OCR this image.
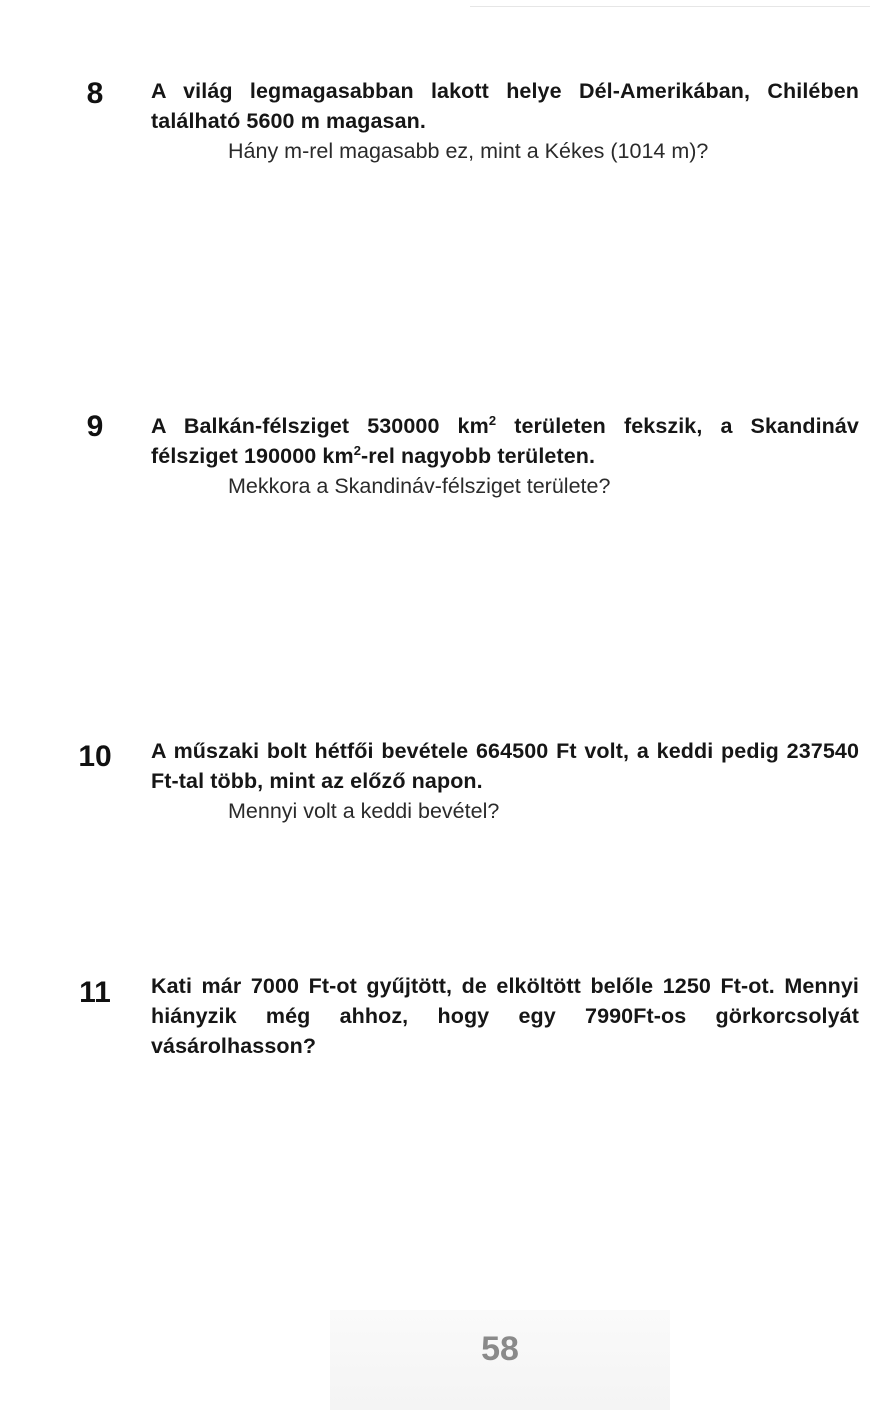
8	A világ legmagasabban lakott helye Dél-Amerikában, Chilében található 5600 m magasan.
Hány m-rel magasabb ez, mint a Kékes (1014 m)?
9	A Balkán-félsziget 530000 $km^2$ területen fekszik, a Skandináv félsziget 190000 $km^2$-rel nagyobb területen.
Mekkora a Skandináv-félsziget területe?
10	A műszaki bolt hétfői bevétele 664500 Ft volt, a keddi pedig 237540 Ft-tal több, mint az előző napon.
Mennyi volt a keddi bevétel?
11	Kati már 7000 Ft-ot gyűjtött, de elköltött belőle 1250 Ft-ot. Mennyi hiányzik még ahhoz, hogy egy 7990Ft-os görkorcsolyát vásárolhasson?
58
